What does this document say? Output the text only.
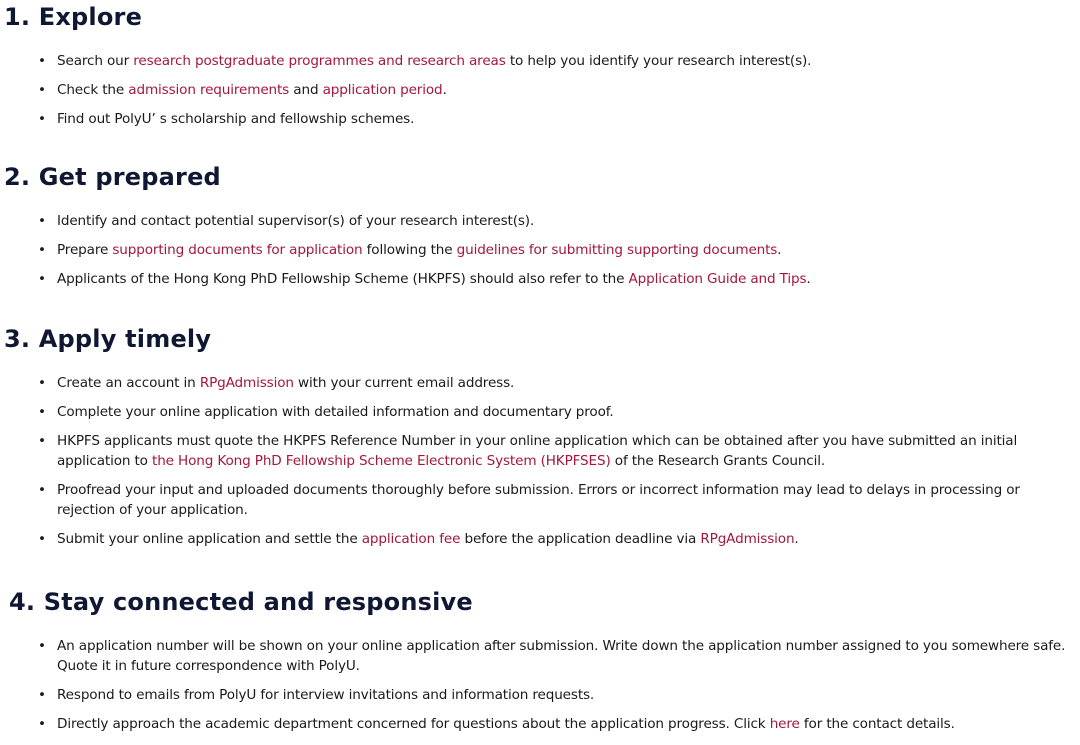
1. Explore
• Search our research postgraduate programmes and research areas to help you identify your research interest(s).
• Check the admission requirements and application period.
• Find out PolyU’ s scholarship and fellowship schemes.
2. Get prepared
• Identify and contact potential supervisor(s) of your research interest(s).
• Prepare supporting documents for application following the guidelines for submitting supporting documents.
• Applicants of the Hong Kong PhD Fellowship Scheme (HKPFS) should also refer to the Application Guide and Tips.
3. Apply timely
• Create an account in RPgAdmission with your current email address.
• Complete your online application with detailed information and documentary proof.
• HKPFS applicants must quote the HKPFS Reference Number in your online application which can be obtained after you have submitted an initial application to the Hong Kong PhD Fellowship Scheme Electronic System (HKPFSES) of the Research Grants Council.
• Proofread your input and uploaded documents thoroughly before submission. Errors or incorrect information may lead to delays in processing or rejection of your application.
• Submit your online application and settle the application fee before the application deadline via RPgAdmission.
4. Stay connected and responsive
• An application number will be shown on your online application after submission. Write down the application number assigned to you somewhere safe. Quote it in future correspondence with PolyU.
• Respond to emails from PolyU for interview invitations and information requests.
• Directly approach the academic department concerned for questions about the application progress. Click here for the contact details.
